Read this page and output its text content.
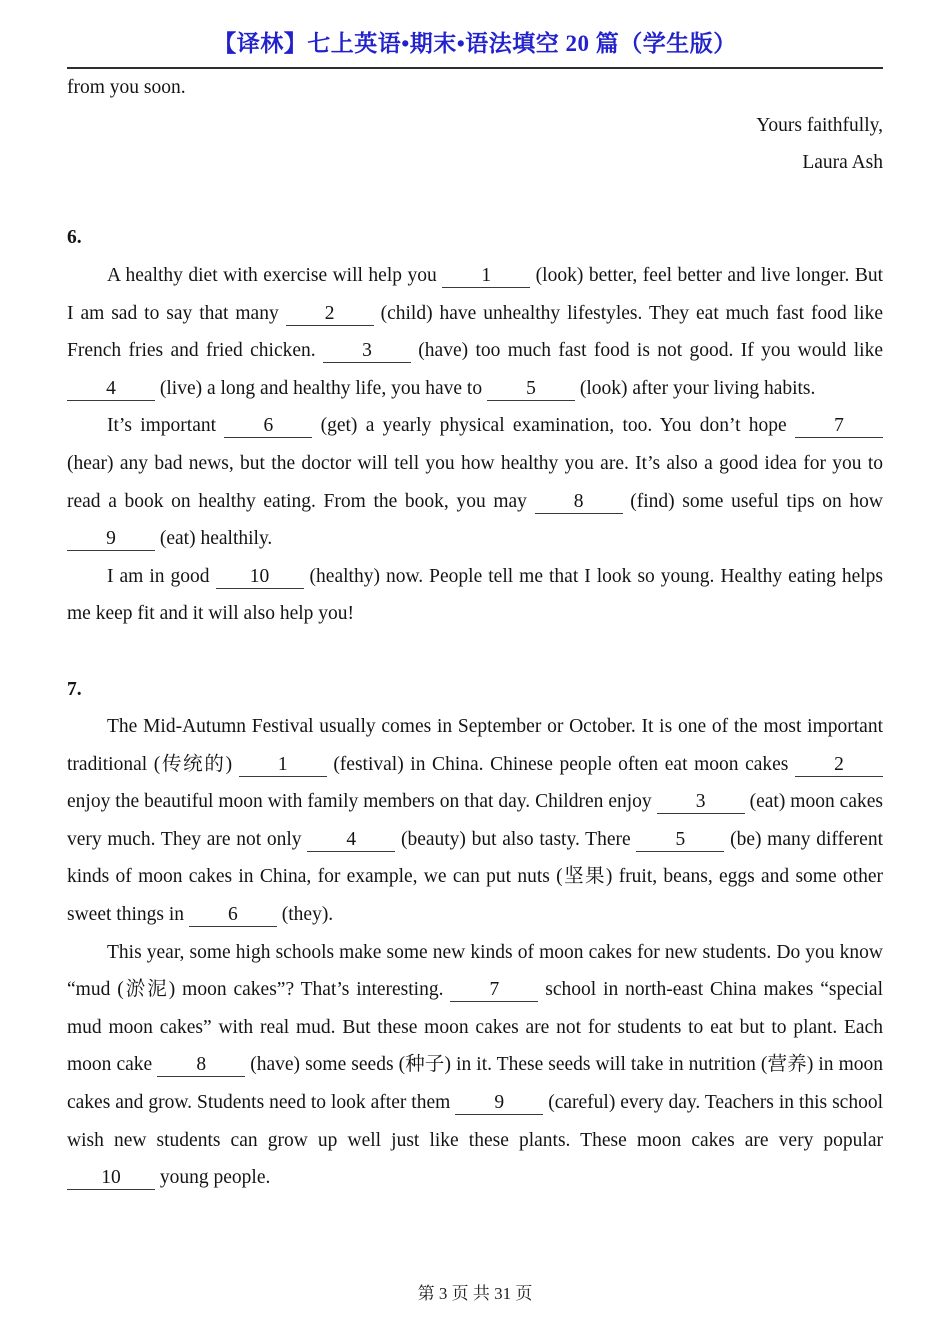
【译林】七上英语•期末•语法填空 20 篇（学生版）

from you soon.

Yours faithfully,

Laura Ash

6.

A healthy diet with exercise will help you 1 (look) better, feel better and live longer. But I am sad to say that many 2 (child) have unhealthy lifestyles. They eat much fast food like French fries and fried chicken. 3 (have) too much fast food is not good. If you would like 4 (live) a long and healthy life, you have to 5 (look) after your living habits.

It’s important 6 (get) a yearly physical examination, too. You don’t hope 7 (hear) any bad news, but the doctor will tell you how healthy you are. It’s also a good idea for you to read a book on healthy eating. From the book, you may 8 (find) some useful tips on how 9 (eat) healthily.

I am in good 10 (healthy) now. People tell me that I look so young. Healthy eating helps me keep fit and it will also help you!

7.

The Mid-Autumn Festival usually comes in September or October. It is one of the most important traditional (传统的) 1 (festival) in China. Chinese people often eat moon cakes 2 enjoy the beautiful moon with family members on that day. Children enjoy 3 (eat) moon cakes very much. They are not only 4 (beauty) but also tasty. There 5 (be) many different kinds of moon cakes in China, for example, we can put nuts (坚果) fruit, beans, eggs and some other sweet things in 6 (they).

This year, some high schools make some new kinds of moon cakes for new students. Do you know “mud (淤泥) moon cakes”? That’s interesting. 7 school in north-east China makes “special mud moon cakes” with real mud. But these moon cakes are not for students to eat but to plant. Each moon cake 8 (have) some seeds (种子) in it. These seeds will take in nutrition (营养) in moon cakes and grow. Students need to look after them 9 (careful) every day. Teachers in this school wish new students can grow up well just like these plants. These moon cakes are very popular 10 young people.

第 3 页 共 31 页
